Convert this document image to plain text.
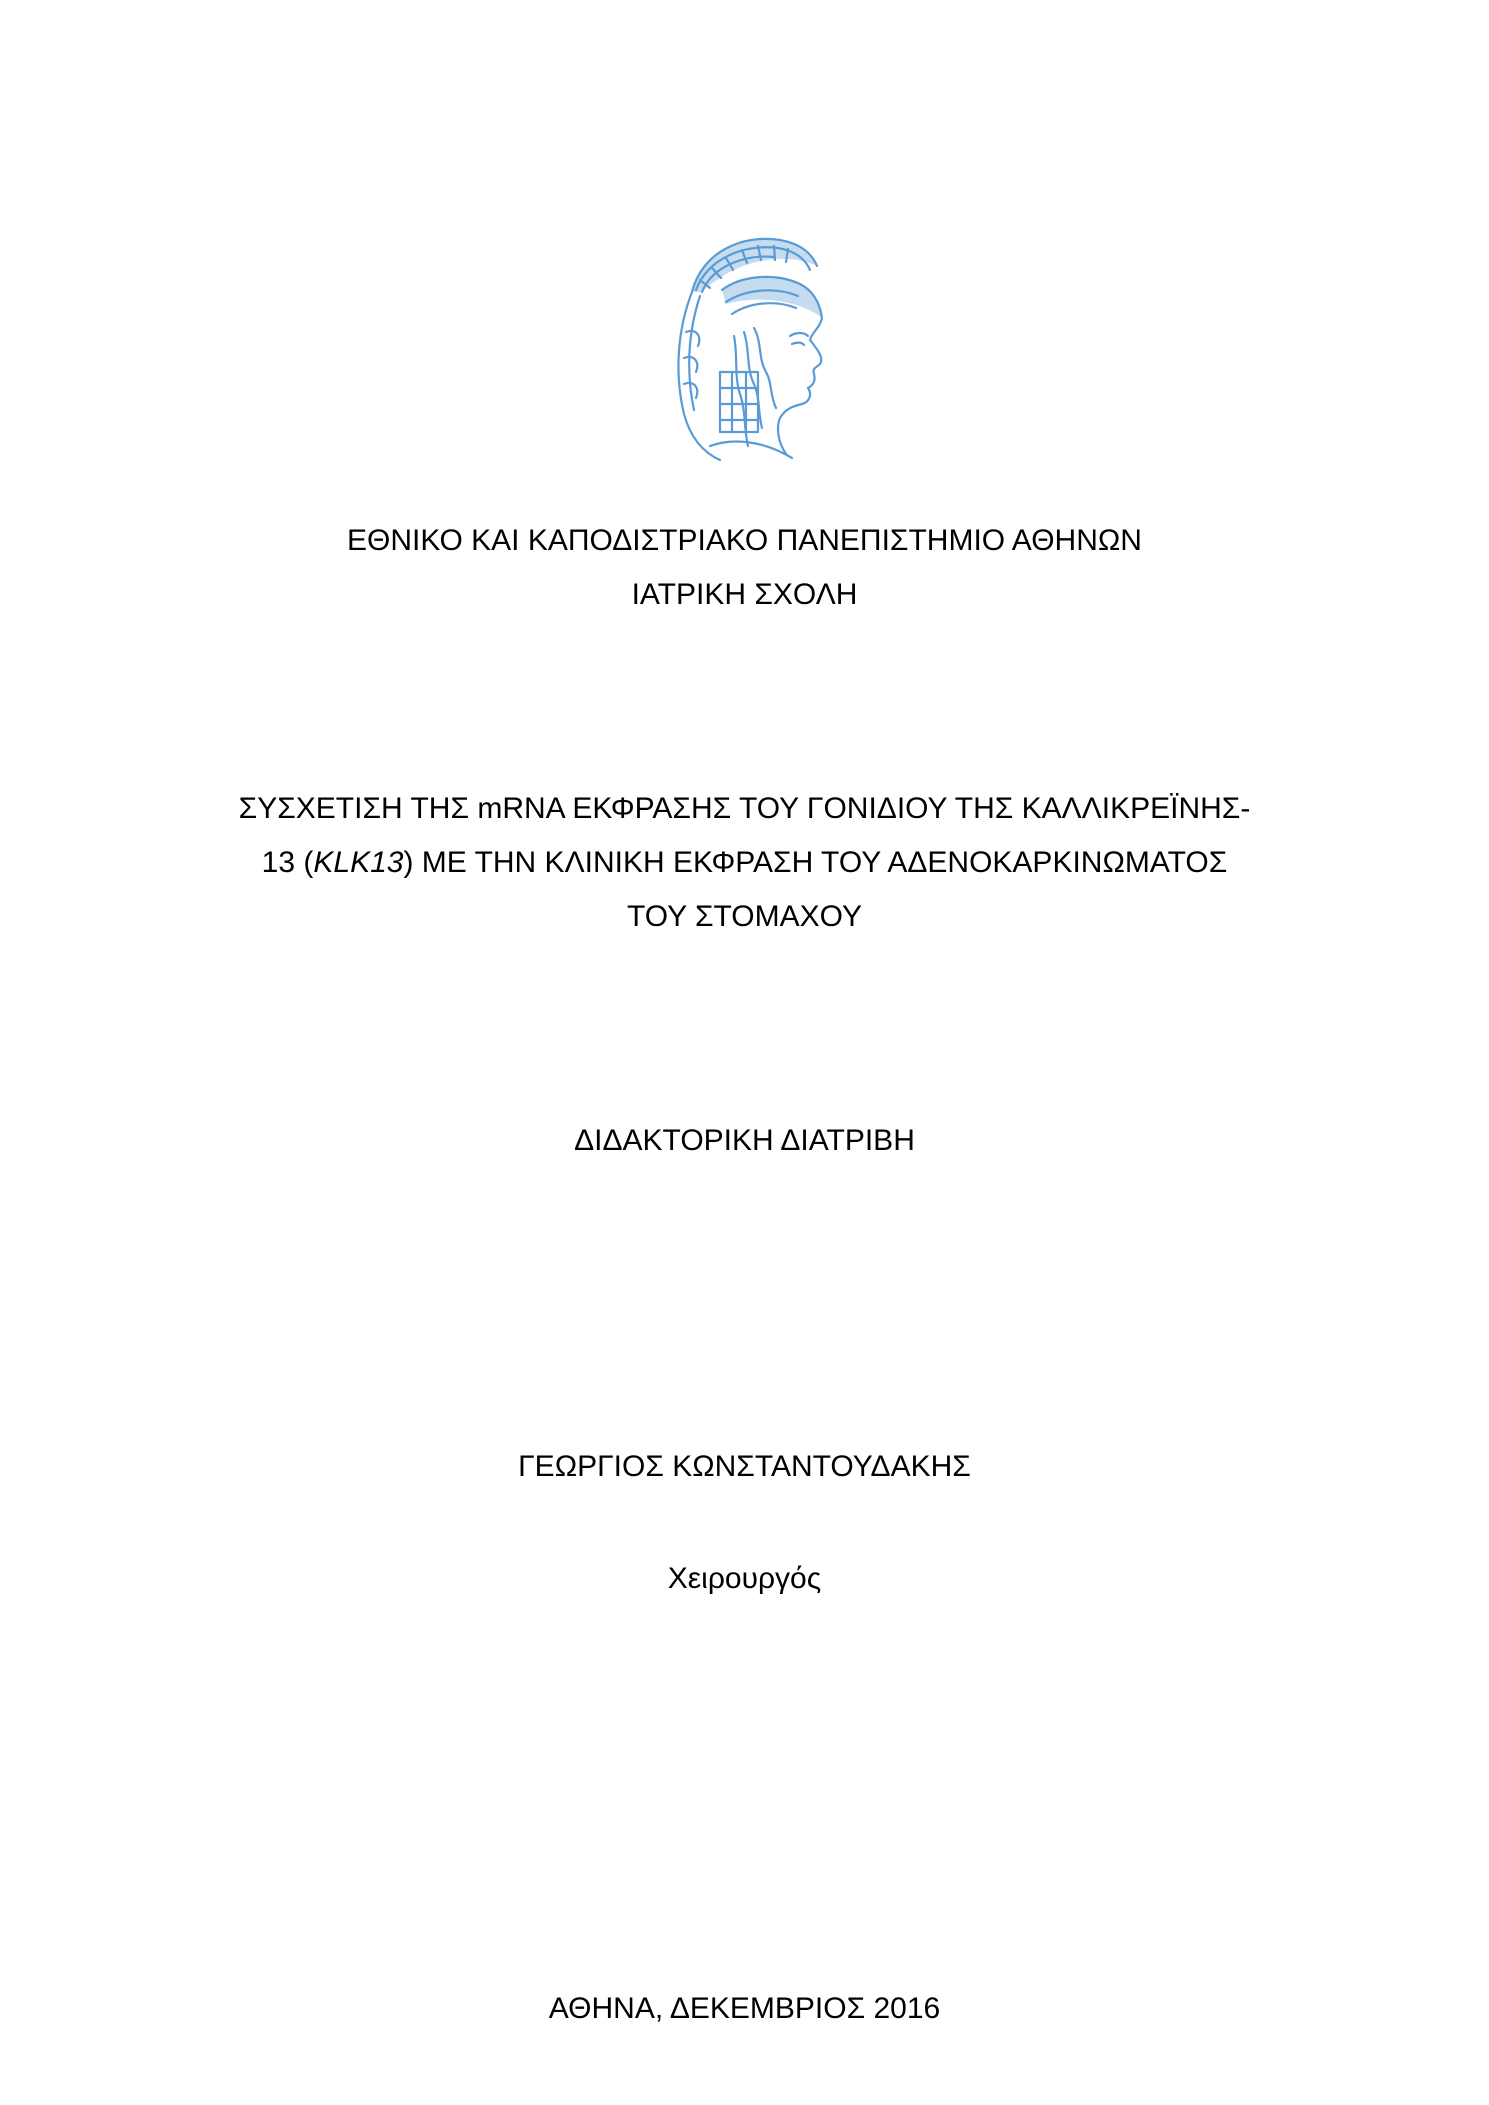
ΕΘΝΙΚΟ ΚΑΙ ΚΑΠΟΔΙΣΤΡΙΑΚΟ ΠΑΝΕΠΙΣΤΗΜΙΟ ΑΘΗΝΩΝ
ΙΑΤΡΙΚΗ ΣΧΟΛΗ
ΣΥΣΧΕΤΙΣΗ ΤΗΣ mRNA ΕΚΦΡΑΣΗΣ ΤΟΥ ΓΟΝΙΔΙΟΥ ΤΗΣ ΚΑΛΛΙΚΡΕΪΝΗΣ-
13 (KLK13) ΜΕ ΤΗΝ ΚΛΙΝΙΚΗ ΕΚΦΡΑΣΗ ΤΟΥ ΑΔΕΝΟΚΑΡΚΙΝΩΜΑΤΟΣ
ΤΟΥ ΣΤΟΜΑΧΟΥ
ΔΙΔΑΚΤΟΡΙΚΗ ΔΙΑΤΡΙΒΗ
ΓΕΩΡΓΙΟΣ ΚΩΝΣΤΑΝΤΟΥΔΑΚΗΣ
Χειρουργός
ΑΘΗΝΑ, ΔΕΚΕΜΒΡΙΟΣ 2016
